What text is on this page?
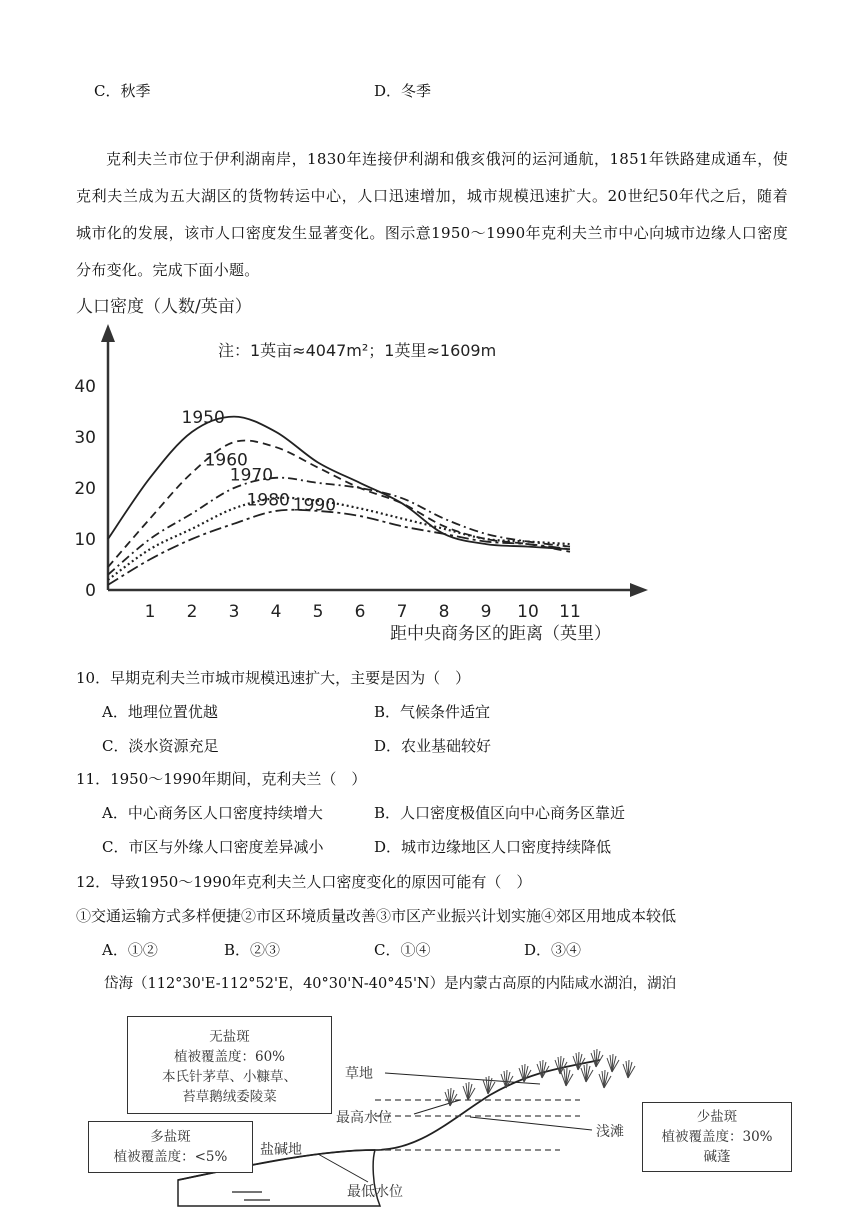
C．秋季	D．冬季
克利夫兰市位于伊利湖南岸，1830年连接伊利湖和俄亥俄河的运河通航，1851年铁路建成通车，使克利夫兰成为五大湖区的货物转运中心，人口迅速增加，城市规模迅速扩大。20世纪50年代之后，随着城市化的发展，该市人口密度发生显著变化。图示意1950～1990年克利夫兰市中心向城市边缘人口密度分布变化。完成下面小题。
人口密度（人数/英亩）
注：1英亩≈4047m²；1英里≈1609m
1 2 3 4 5 6 7 8 9 10 11
0
10
20
30
40
1950
1960
1970
1980 1990
距中央商务区的距离（英里）
10．早期克利夫兰市城市规模迅速扩大，主要是因为（　）
A．地理位置优越	B．气候条件适宜
C．淡水资源充足	D．农业基础较好
11．1950～1990年期间，克利夫兰（　）
A．中心商务区人口密度持续增大	B．人口密度极值区向中心商务区靠近
C．市区与外缘人口密度差异减小	D．城市边缘地区人口密度持续降低
12．导致1950～1990年克利夫兰人口密度变化的原因可能有（　）
①交通运输方式多样便捷②市区环境质量改善③市区产业振兴计划实施④郊区用地成本较低
A．①②	B．②③	C．①④	D．③④
岱海（112°30'E-112°52'E，40°30'N-40°45'N）是内蒙古高原的内陆咸水湖泊，湖泊
草地
最高水位
浅滩
盐碱地
最低水位
无盐斑
植被覆盖度：60%
本氏针茅草、小糠草、
苔草鹅绒委陵菜
多盐斑
植被覆盖度：<5%
少盐斑
植被覆盖度：30%
碱蓬
